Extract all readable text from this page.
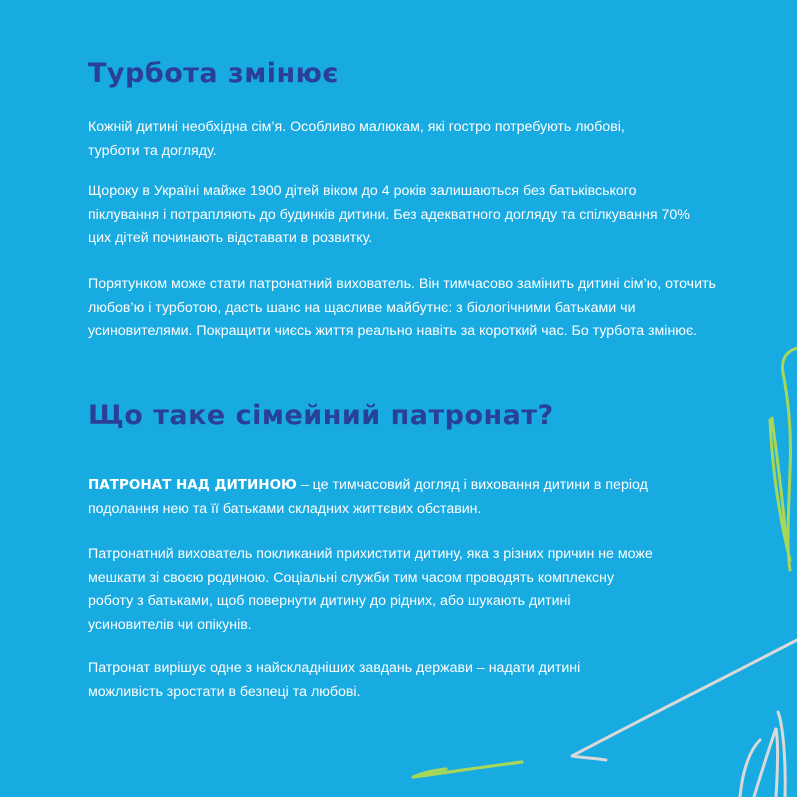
Турбота змінює

Кожній дитині необхідна сім’я. Особливо малюкам, які гостро потребують любові, турботи та догляду.

Щороку в Україні майже 1900 дітей віком до 4 років залишаються без батьківського піклування і потрапляють до будинків дитини. Без адекватного догляду та спілкування 70% цих дітей починають відставати в розвитку.

Порятунком може стати патронатний вихователь. Він тимчасово замінить дитині сім’ю, оточить любов’ю і турботою, дасть шанс на щасливе майбутнє: з біологічними батьками чи усиновителями. Покращити чиєсь життя реально навіть за короткий час. Бо турбота змінює.

Що таке сімейний патронат?

ПАТРОНАТ НАД ДИТИНОЮ – це тимчасовий догляд і виховання дитини в період подолання нею та її батьками складних життєвих обставин.

Патронатний вихователь покликаний прихистити дитину, яка з різних причин не може мешкати зі своєю родиною. Соціальні служби тим часом проводять комплексну роботу з батьками, щоб повернути дитину до рідних, або шукають дитині усиновителів чи опікунів.

Патронат вирішує одне з найскладніших завдань держави – надати дитині можливість зростати в безпеці та любові.
